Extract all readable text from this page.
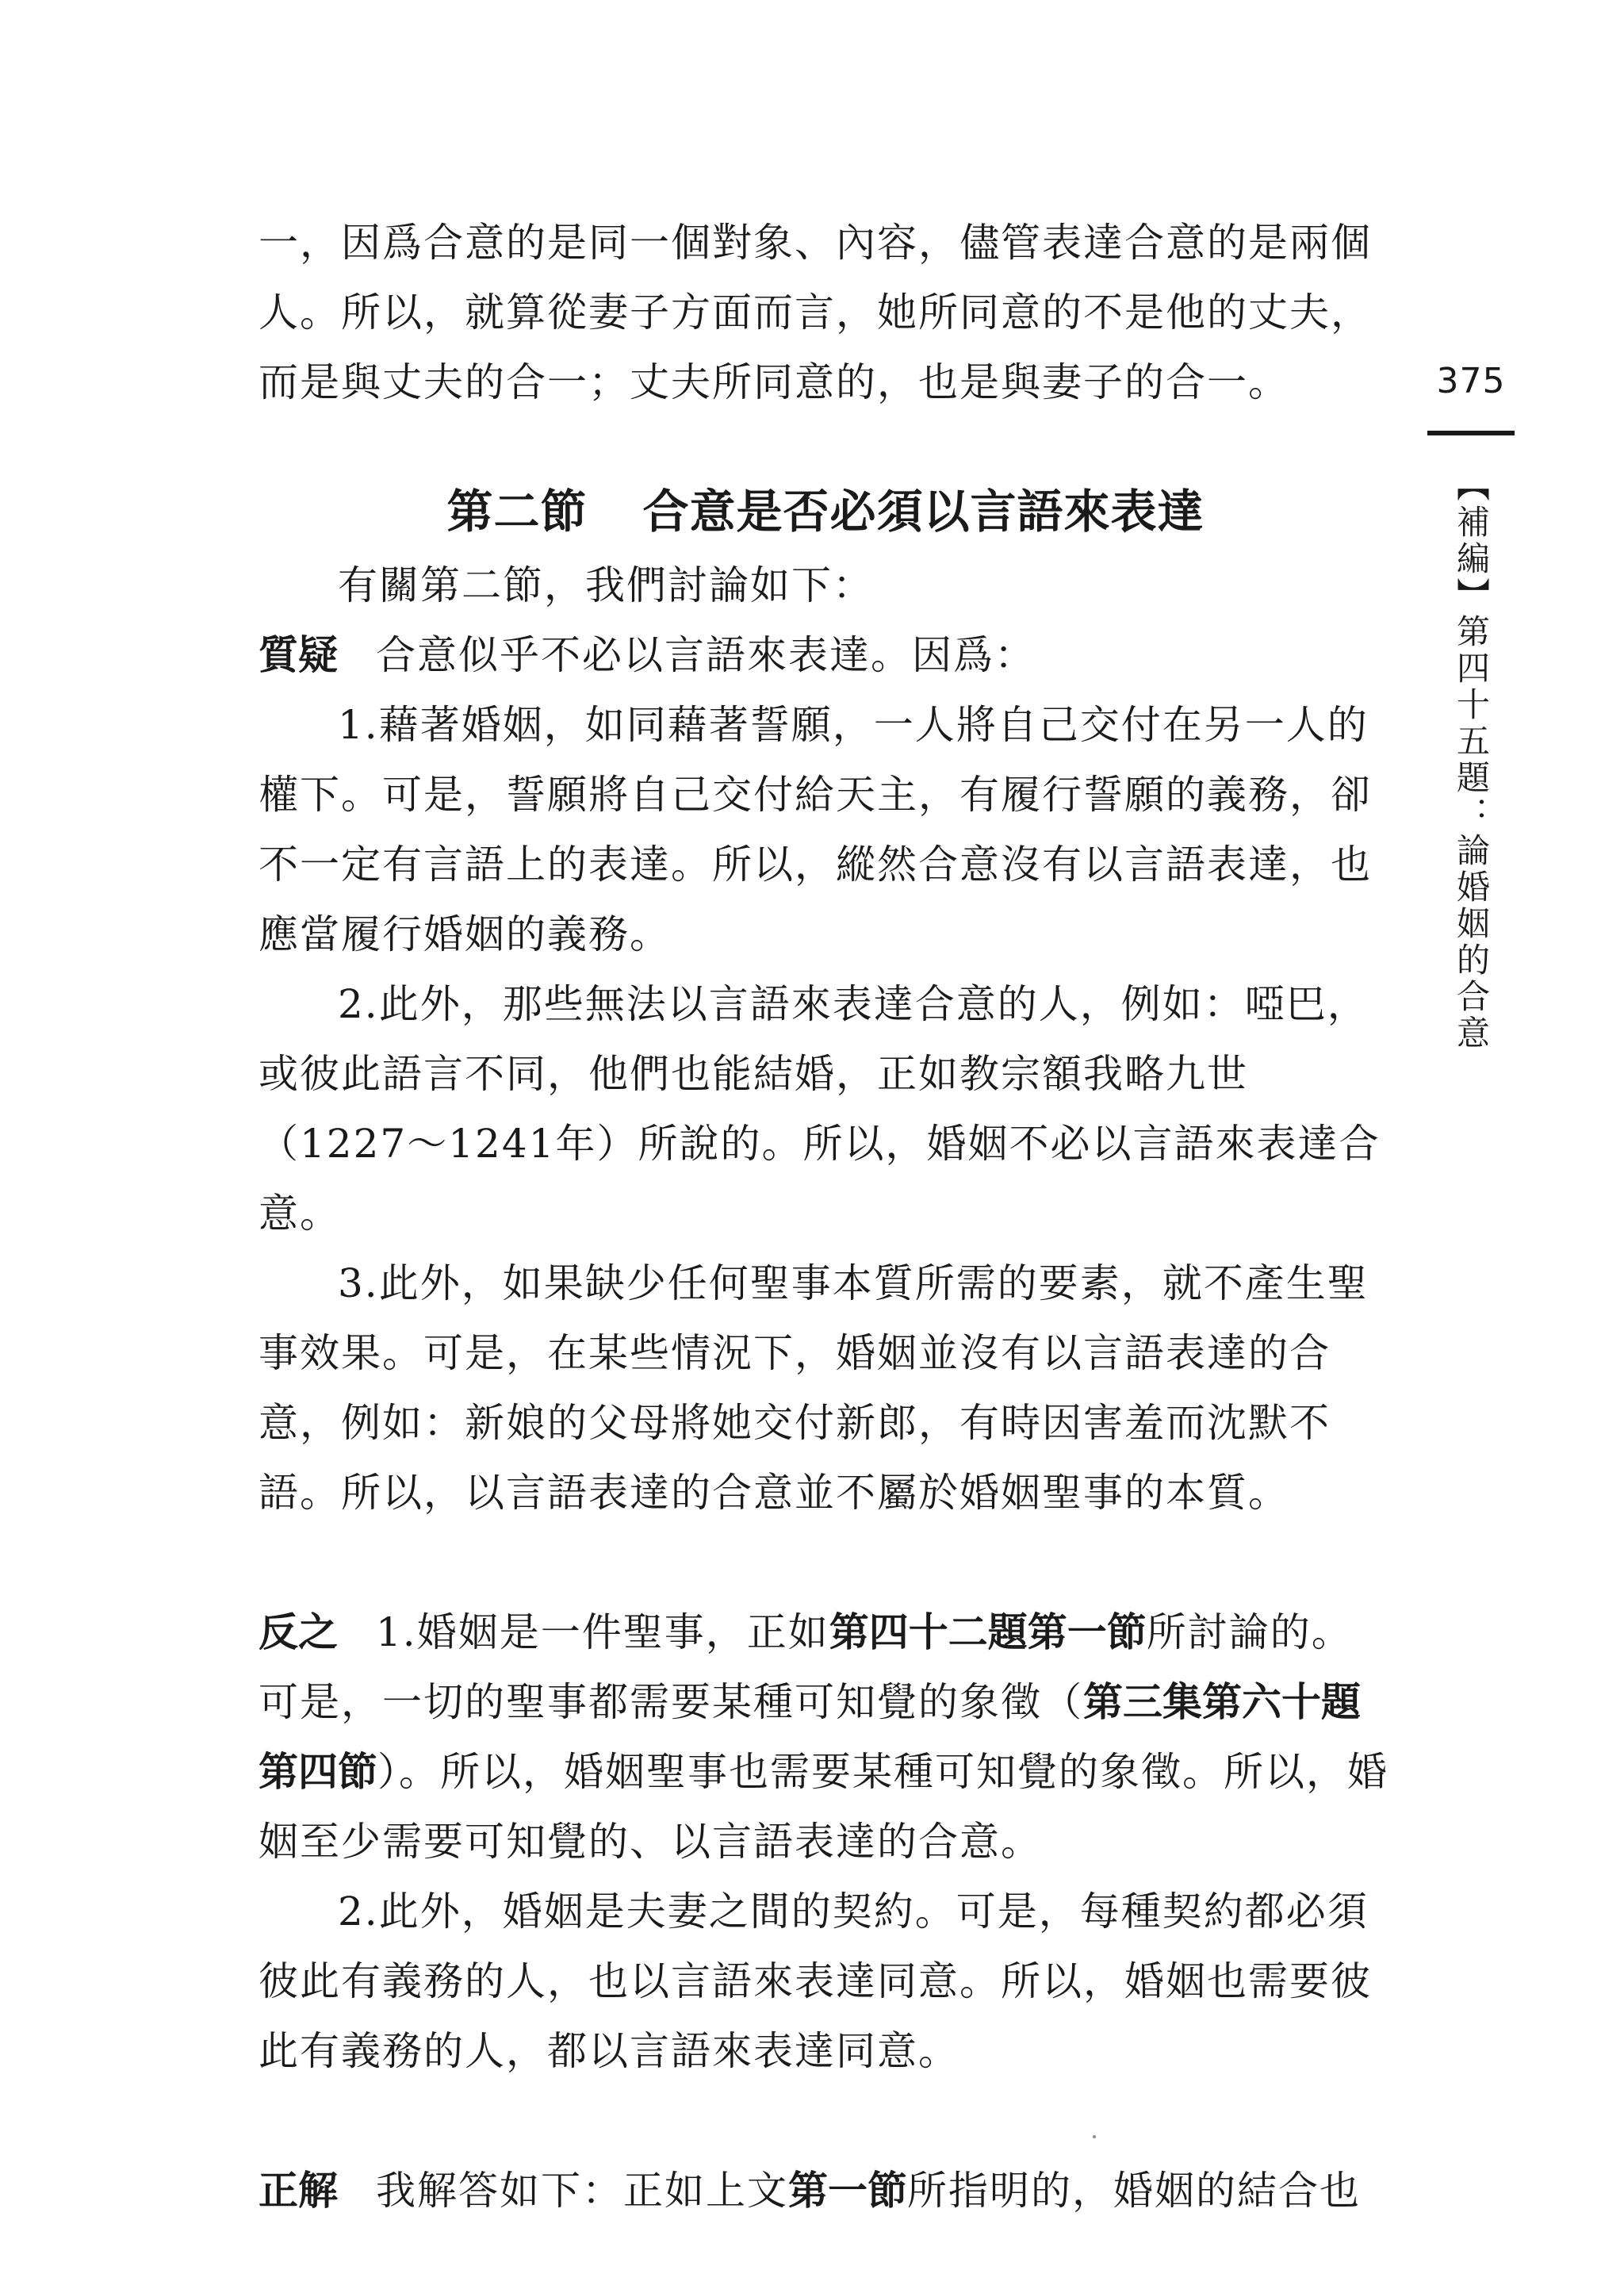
375
【補編】第四十五題：論婚姻的合意

一，因爲合意的是同一個對象、內容，儘管表達合意的是兩個人。所以，就算從妻子方面而言，她所同意的不是他的丈夫，而是與丈夫的合一；丈夫所同意的，也是與妻子的合一。

第二節 合意是否必須以言語來表達

有關第二節，我們討論如下：

質疑 合意似乎不必以言語來表達。因爲：

1.藉著婚姻，如同藉著誓願，一人將自己交付在另一人的權下。可是，誓願將自己交付給天主，有履行誓願的義務，卻不一定有言語上的表達。所以，縱然合意沒有以言語表達，也應當履行婚姻的義務。

2.此外，那些無法以言語來表達合意的人，例如：啞巴，或彼此語言不同，他們也能結婚，正如教宗額我略九世（1227～1241年）所說的。所以，婚姻不必以言語來表達合意。

3.此外，如果缺少任何聖事本質所需的要素，就不產生聖事效果。可是，在某些情況下，婚姻並沒有以言語表達的合意，例如：新娘的父母將她交付新郎，有時因害羞而沈默不語。所以，以言語表達的合意並不屬於婚姻聖事的本質。

反之 1.婚姻是一件聖事，正如第四十二題第一節所討論的。可是，一切的聖事都需要某種可知覺的象徵（第三集第六十題第四節）。所以，婚姻聖事也需要某種可知覺的象徵。所以，婚姻至少需要可知覺的、以言語表達的合意。

2.此外，婚姻是夫妻之間的契約。可是，每種契約都必須彼此有義務的人，也以言語來表達同意。所以，婚姻也需要彼此有義務的人，都以言語來表達同意。

正解 我解答如下：正如上文第一節所指明的，婚姻的結合也
